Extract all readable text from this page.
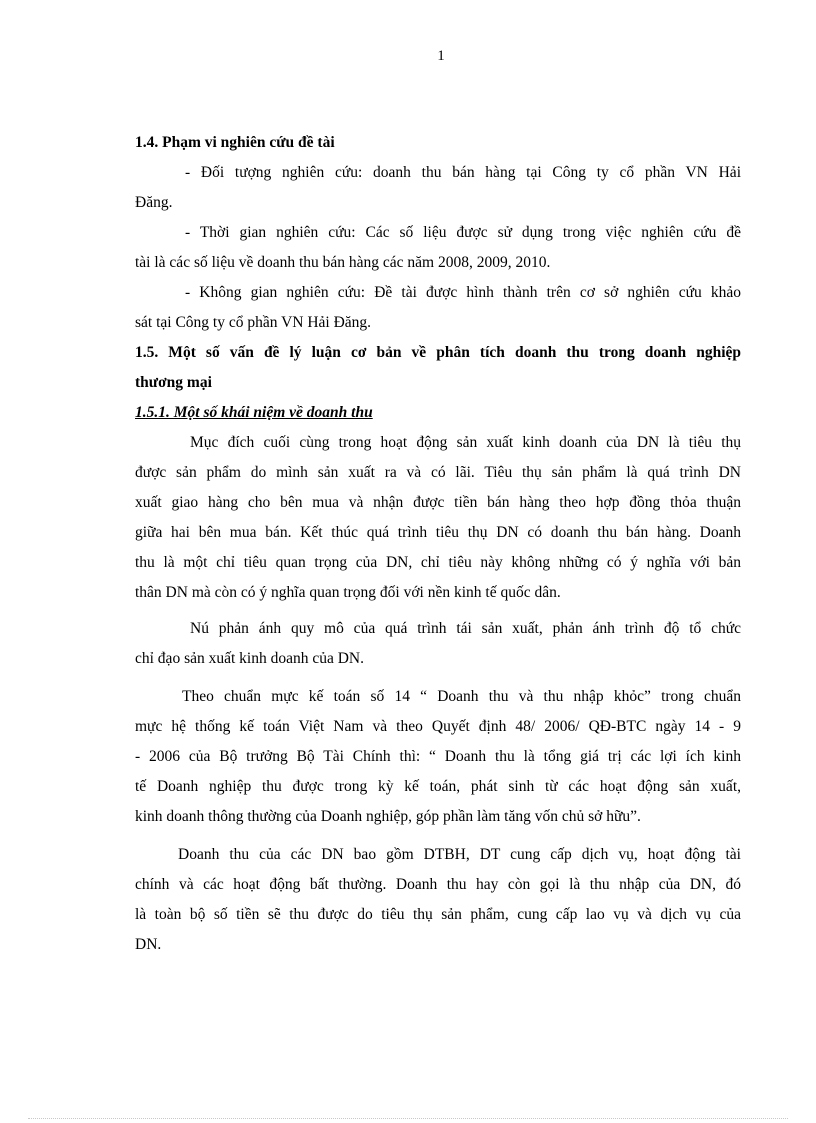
1
1.4. Phạm vi nghiên cứu đề tài
- Đối tượng nghiên cứu: doanh thu bán hàng tại Công ty cổ phần VN Hải
Đăng.
- Thời gian nghiên cứu: Các số liệu được sử dụng trong việc nghiên cứu đề
tài là các số liệu về doanh thu bán hàng các năm 2008, 2009, 2010.
- Không gian nghiên cứu: Đề tài được hình thành trên cơ sở nghiên cứu khảo
sát tại Công ty cổ phần VN Hải Đăng.
1.5. Một số vấn đề lý luận cơ bản về phân tích doanh thu trong doanh nghiệp
thương mại
1.5.1. Một số khái niệm về doanh thu
Mục đích cuối cùng trong hoạt động sản xuất kinh doanh của DN là tiêu thụ
được sản phẩm do mình sản xuất ra và có lãi. Tiêu thụ sản phẩm là quá trình DN
xuất giao hàng cho bên mua và nhận được tiền bán hàng theo hợp đồng thỏa thuận
giữa hai bên mua bán. Kết thúc quá trình tiêu thụ DN có doanh thu bán hàng. Doanh
thu là một chỉ tiêu quan trọng của DN, chỉ tiêu này không những có ý nghĩa với bản
thân DN mà còn có ý nghĩa quan trọng đối với nền kinh tế quốc dân.
Nú phản ánh quy mô của quá trình tái sản xuất, phản ánh trình độ tổ chức
chỉ đạo sản xuất kinh doanh của DN.
Theo chuẩn mực kế toán số 14 “ Doanh thu và thu nhập khỏc” trong chuẩn
mực hệ thống kế toán Việt Nam và theo Quyết định 48/ 2006/ QĐ-BTC ngày 14 - 9
- 2006 của Bộ trưởng Bộ Tài Chính thì: “ Doanh thu là tổng giá trị các lợi ích kinh
tế Doanh nghiệp thu được trong kỳ kế toán, phát sinh từ các hoạt động sản xuất,
kinh doanh thông thường của Doanh nghiệp, góp phần làm tăng vốn chủ sở hữu”.
Doanh thu của các DN bao gồm DTBH, DT cung cấp dịch vụ, hoạt động tài
chính và các hoạt động bất thường. Doanh thu hay còn gọi là thu nhập của DN, đó
là toàn bộ số tiền sẽ thu được do tiêu thụ sản phẩm, cung cấp lao vụ và dịch vụ của
DN.
